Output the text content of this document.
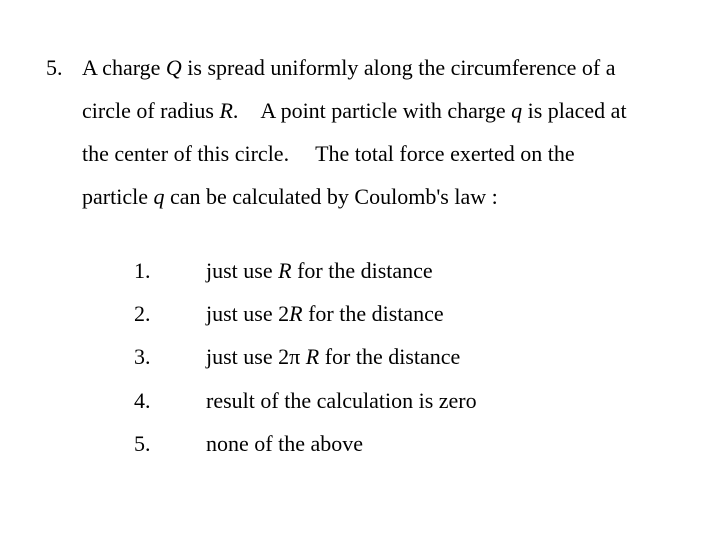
5. A charge Q is spread uniformly along the circumference of a
circle of radius R. A point particle with charge q is placed at
the center of this circle. The total force exerted on the
particle q can be calculated by Coulomb's law :
1.	just use R for the distance
2.	just use 2R for the distance
3.	just use 2π R for the distance
4.	result of the calculation is zero
5.	none of the above
